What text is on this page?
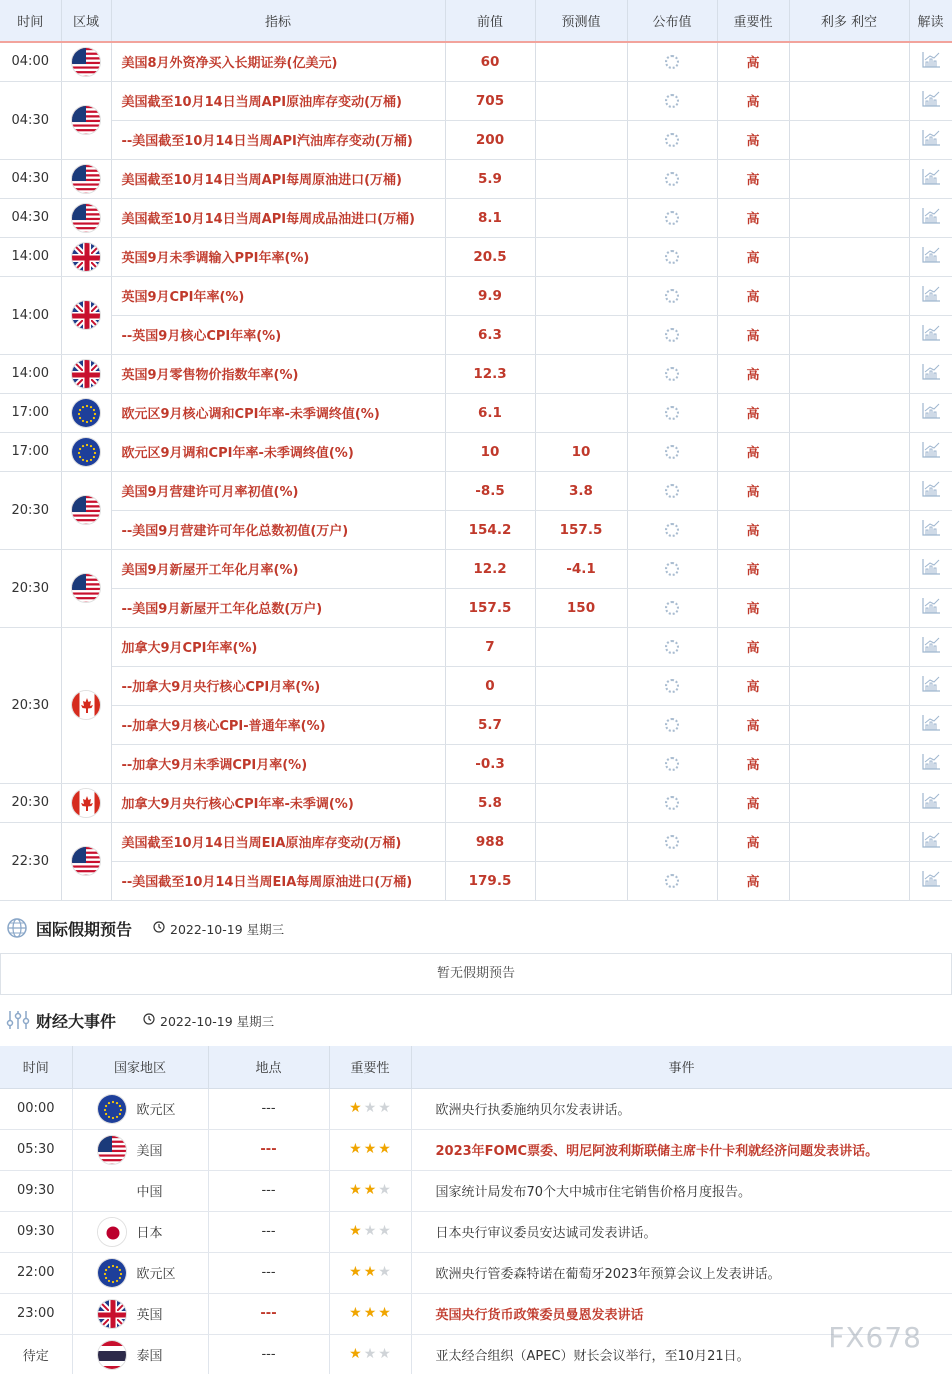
时间	区域	指标	前值	预测值	公布值	重要性	利多 利空	解读
04:00		美国8月外资净买入长期证券(亿美元)	60			高		
04:30		美国截至10月14日当周API原油库存变动(万桶)	705			高		
		--美国截至10月14日当周API汽油库存变动(万桶)	200			高		
04:30		美国截至10月14日当周API每周原油进口(万桶)	5.9			高		
04:30		美国截至10月14日当周API每周成品油进口(万桶)	8.1			高		
14:00		英国9月未季调输入PPI年率(%)	20.5			高		
14:00		英国9月CPI年率(%)	9.9			高		
		--英国9月核心CPI年率(%)	6.3			高		
14:00		英国9月零售物价指数年率(%)	12.3			高		
17:00		欧元区9月核心调和CPI年率-未季调终值(%)	6.1			高		
17:00		欧元区9月调和CPI年率-未季调终值(%)	10	10		高		
20:30		美国9月营建许可月率初值(%)	-8.5	3.8		高		
		--美国9月营建许可年化总数初值(万户)	154.2	157.5		高		
20:30		美国9月新屋开工年化月率(%)	12.2	-4.1		高		
		--美国9月新屋开工年化总数(万户)	157.5	150		高		
20:30		加拿大9月CPI年率(%)	7			高		
		--加拿大9月央行核心CPI月率(%)	0			高		
		--加拿大9月核心CPI-普通年率(%)	5.7			高		
		--加拿大9月未季调CPI月率(%)	-0.3			高		
20:30		加拿大9月央行核心CPI年率-未季调(%)	5.8			高		
22:30		美国截至10月14日当周EIA原油库存变动(万桶)	988			高		
		--美国截至10月14日当周EIA每周原油进口(万桶)	179.5			高		
国际假期预告	2022-10-19 星期三
暂无假期预告
财经大事件	2022-10-19 星期三
时间	国家地区	地点	重要性	事件
00:00	欧元区	---	★ ★ ★	欧洲央行执委施纳贝尔发表讲话。
05:30	美国	---	★ ★ ★	2023年FOMC票委、明尼阿波利斯联储主席卡什卡利就经济问题发表讲话。
09:30	中国	---	★ ★ ★	国家统计局发布70个大中城市住宅销售价格月度报告。
09:30	日本	---	★ ★ ★	日本央行审议委员安达诚司发表讲话。
22:00	欧元区	---	★ ★ ★	欧洲央行管委森特诺在葡萄牙2023年预算会议上发表讲话。
23:00	英国	---	★ ★ ★	英国央行货币政策委员曼恩发表讲话
待定	泰国	---	★ ★ ★	亚太经合组织（APEC）财长会议举行，至10月21日。
FX678
